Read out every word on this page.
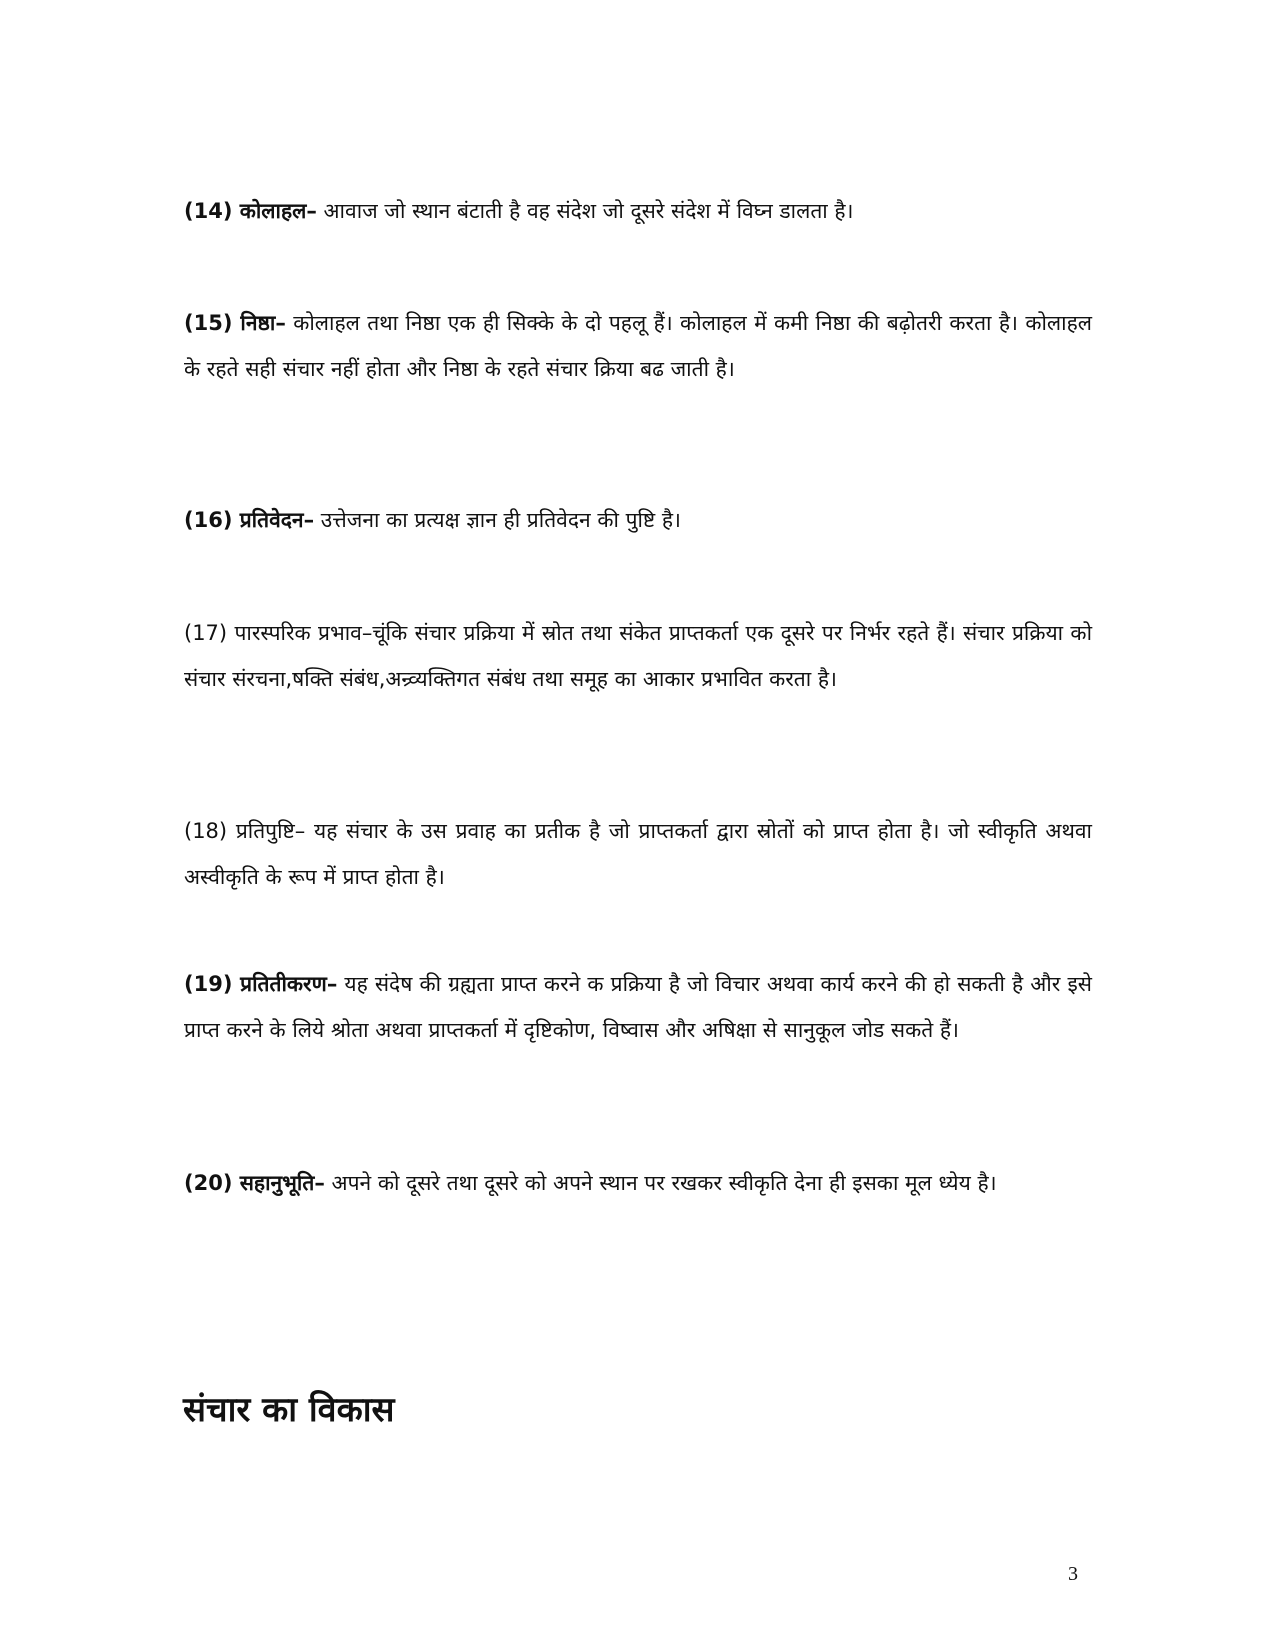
(14) कोलाहल– आवाज जो स्थान बंटाती है वह संदेश जो दूसरे संदेश में विघ्न डालता है।

(15) निष्ठा– कोलाहल तथा निष्ठा एक ही सिक्के के दो पहलू हैं। कोलाहल में कमी निष्ठा की बढ़ोतरी करता है। कोलाहल के रहते सही संचार नहीं होता और निष्ठा के रहते संचार क्रिया बढ जाती है।

(16) प्रतिवेदन– उत्तेजना का प्रत्यक्ष ज्ञान ही प्रतिवेदन की पुष्टि है।

(17) पारस्परिक प्रभाव–चूंकि संचार प्रक्रिया में स्रोत तथा संकेत प्राप्तकर्ता एक दूसरे पर निर्भर रहते हैं। संचार प्रक्रिया को संचार संरचना,षक्ति संबंध,अन्र्व्यक्तिगत संबंध तथा समूह का आकार प्रभावित करता है।

(18) प्रतिपुष्टि– यह संचार के उस प्रवाह का प्रतीक है जो प्राप्तकर्ता द्वारा स्रोतों को प्राप्त होता है। जो स्वीकृति अथवा अस्वीकृति के रूप में प्राप्त होता है।

(19) प्रतितीकरण– यह संदेष की ग्रह्यता प्राप्त करने क प्रक्रिया है जो विचार अथवा कार्य करने की हो सकती है और इसे प्राप्त करने के लिये श्रोता अथवा प्राप्तकर्ता में दृष्टिकोण, विष्वास और अषिक्षा से सानुकूल जोड सकते हैं।

(20) सहानुभूति– अपने को दूसरे तथा दूसरे को अपने स्थान पर रखकर स्वीकृति देना ही इसका मूल ध्येय है।

संचार का विकास
3
